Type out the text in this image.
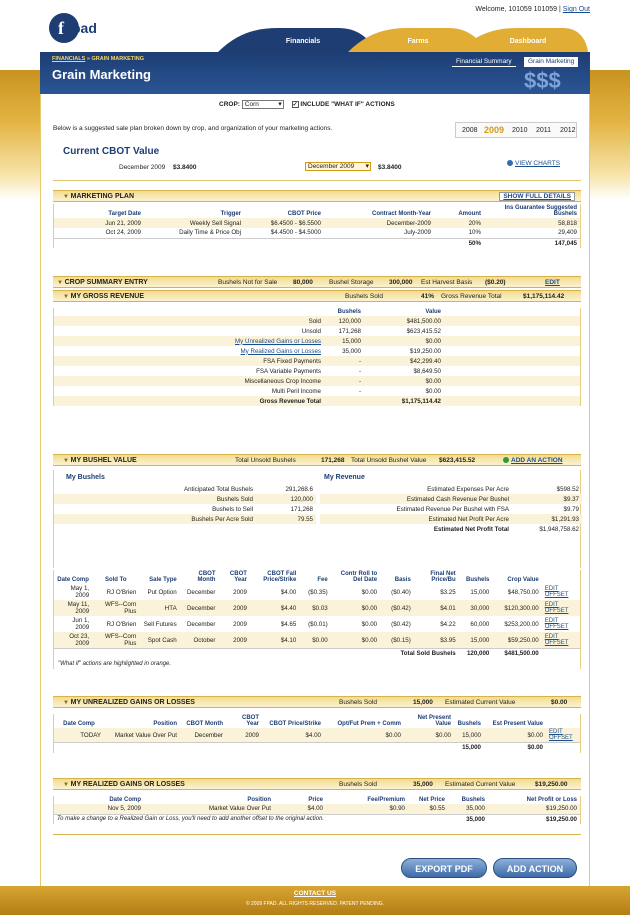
f pad
Welcome, 101059 101059 | Sign Out
Financials	Farms	Dashboard
FINANCIALS » GRAIN MARKETING
Grain Marketing
Financial Summary	Grain Marketing
$$$
CROP: Corn ▾	✓ INCLUDE "WHAT IF" ACTIONS
Below is a suggested sale plan broken down by crop, and organization of your marketing actions.	2008 2009 2010 2011 2012
Current CBOT Value
December 2009 $3.8400	December 2009 ▾	$3.8400
VIEW CHARTS
▼ MARKETING PLAN	SHOW FULL DETAILS
Target Date	Trigger	CBOT Price	Contract Month-Year	Amount	Ins Guarantee Suggested Bushels
Jun 21, 2009	Weekly Sell Signal	$6.4500 - $6.5500	December-2009	20%	58,818
Oct 24, 2009	Daily Time & Price Obj	$4.4500 - $4.5000	July-2009	10%	29,409
				50%	147,045
▼ CROP SUMMARY ENTRY	Bushels Not for Sale 80,000 Bushel Storage 300,000 Est Harvest Basis ($0.20)	EDIT
▼ MY GROSS REVENUE	Bushels Sold	41% Gross Revenue Total	$1,175,114.42
	Bushels	Value	
Sold	120,000	$481,500.00	
Unsold	171,268	$623,415.52	
My Unrealized Gains or Losses	15,000	$0.00	
My Realized Gains or Losses	35,000	$19,250.00	
FSA Fixed Payments	-	$42,299.40	
FSA Variable Payments	-	$8,649.50	
Miscellaneous Crop Income	-	$0.00	
Multi Peril Income	-	$0.00	
Gross Revenue Total		$1,175,114.42	
▼ MY BUSHEL VALUE	Total Unsold Bushels	171,268 Total Unsold Bushel Value $623,415.52	ADD AN ACTION
My Bushels	My Revenue
Anticipated Total Bushels	291,268.6
Bushels Sold	120,000
Bushels to Sell	171,268
Bushels Per Acre Sold	79.55
Estimated Expenses Per Acre	$598.52
Estimated Cash Revenue Per Bushel	$9.37
Estimated Revenue Per Bushel with FSA	$9.79
Estimated Net Profit Per Acre	$1,291.93
Estimated Net Profit Total	$1,948,758.62
Date Comp	Sold To	Sale Type	CBOT Month	CBOT Year	CBOT Fall Price/Strike	Fee	Contr Roll to Del Date	Basis	Final Net Price/Bu	Bushels	Crop Value	
May 1, 2009	RJ O'Brien	Put Option	December	2009	$4.00	($0.35)	$0.00	($0.40)	$3.25	15,000	$48,750.00	EDIT
OFFSET
May 11, 2009	WFS--Corn Plus	HTA	December	2009	$4.40	$0.03	$0.00	($0.42)	$4.01	30,000	$120,300.00	EDIT
OFFSET
Jun 1, 2009	RJ O'Brien	Sell Futures	December	2009	$4.65	($0.01)	$0.00	($0.42)	$4.22	60,000	$253,200.00	EDIT
OFFSET
Oct 23, 2009	WFS--Corn Plus	Spot Cash	October	2009	$4.10	$0.00	$0.00	($0.15)	$3.95	15,000	$59,250.00	EDIT
OFFSET
Total Sold Bushels										120,000	$481,500.00	
"What if" actions are highlighted in orange.
▼ MY UNREALIZED GAINS OR LOSSES	Bushels Sold	15,000 Estimated Current Value	$0.00
Date Comp	Position	CBOT Month	CBOT Year	CBOT Price/Strike	Opt/Fut Prem + Comm	Net Present Value	Bushels	Est Present Value	
TODAY	Market Value Over Put	December	2009	$4.00	$0.00	$0.00	15,000	$0.00	EDIT
OFFSET
							15,000	$0.00	
▼ MY REALIZED GAINS OR LOSSES	Bushels Sold	35,000 Estimated Current Value	$19,250.00
Date Comp	Position	Price	Fee/Premium	Net Price	Bushels	Net Profit or Loss
Nov 5, 2009	Market Value Over Put	$4.00	$0.90	$0.55	35,000	$19,250.00
To make a change to a Realized Gain or Loss, you'll need to add another offset to the original action.					35,000	$19,250.00
EXPORT PDF	ADD ACTION
CONTACT US
© 2009 FPAD. ALL RIGHTS RESERVED. PATENT PENDING.
